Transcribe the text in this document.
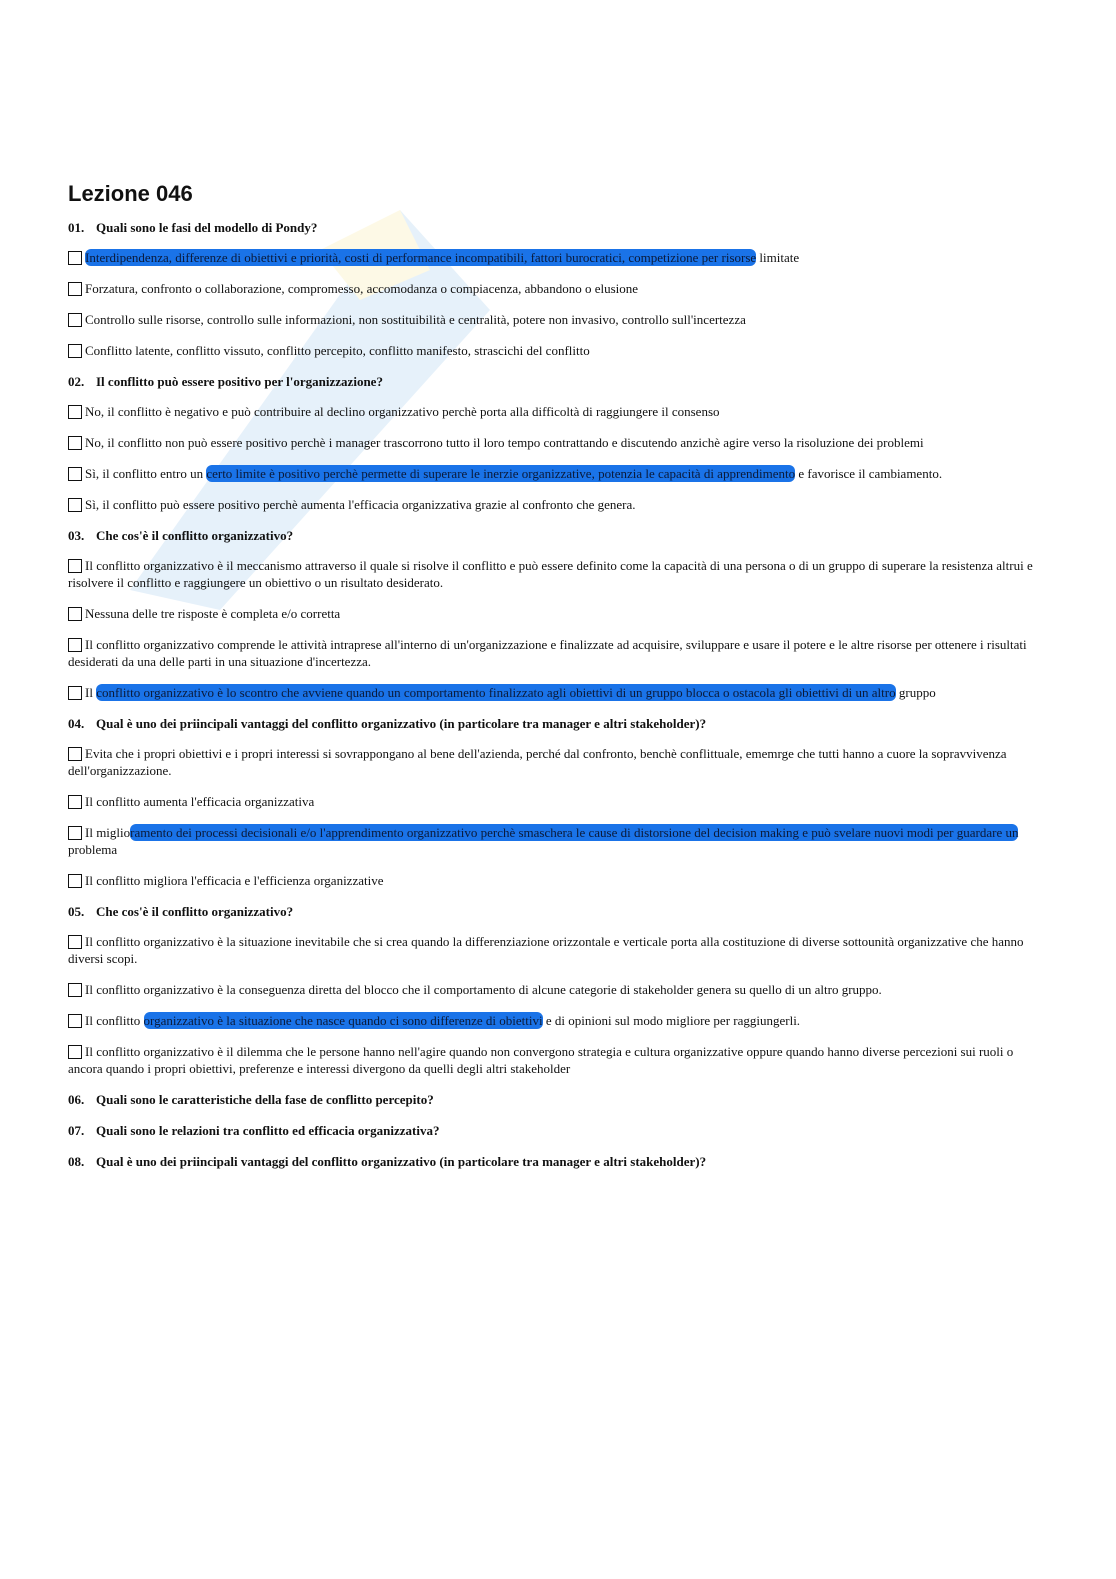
Lezione 046
01. Quali sono le fasi del modello di Pondy?
Interdipendenza, differenze di obiettivi e priorità, costi di performance incompatibili, fattori burocratici, competizione per risorse limitate
Forzatura, confronto o collaborazione, compromesso, accomodanza o compiacenza, abbandono o elusione
Controllo sulle risorse, controllo sulle informazioni, non sostituibilità e centralità, potere non invasivo, controllo sull'incertezza
Conflitto latente, conflitto vissuto, conflitto percepito, conflitto manifesto, strascichi del conflitto
02. Il conflitto può essere positivo per l'organizzazione?
No, il conflitto è negativo e può contribuire al declino organizzativo perchè porta alla difficoltà di raggiungere il consenso
No, il conflitto non può essere positivo perchè i manager trascorrono tutto il loro tempo contrattando e discutendo anzichè agire verso la risoluzione dei problemi
Sì, il conflitto entro un certo limite è positivo perchè permette di superare le inerzie organizzative, potenzia le capacità di apprendimento e favorisce il cambiamento.
Sì, il conflitto può essere positivo perchè aumenta l'efficacia organizzativa grazie al confronto che genera.
03. Che cos'è il conflitto organizzativo?
Il conflitto organizzativo è il meccanismo attraverso il quale si risolve il conflitto e può essere definito come la capacità di una persona o di un gruppo di superare la resistenza altrui e risolvere il conflitto e raggiungere un obiettivo o un risultato desiderato.
Nessuna delle tre risposte è completa e/o corretta
Il conflitto organizzativo comprende le attività intraprese all'interno di un'organizzazione e finalizzate ad acquisire, sviluppare e usare il potere e le altre risorse per ottenere i risultati desiderati da una delle parti in una situazione d'incertezza.
Il conflitto organizzativo è lo scontro che avviene quando un comportamento finalizzato agli obiettivi di un gruppo blocca o ostacola gli obiettivi di un altro gruppo
04. Qual è uno dei priincipali vantaggi del conflitto organizzativo (in particolare tra manager e altri stakeholder)?
Evita che i propri obiettivi e i propri interessi si sovrappongano al bene dell'azienda, perché dal confronto, benchè conflittuale, ememrge che tutti hanno a cuore la sopravvivenza dell'organizzazione.
Il conflitto aumenta l'efficacia organizzativa
Il miglioramento dei processi decisionali e/o l'apprendimento organizzativo perchè smaschera le cause di distorsione del decision making e può svelare nuovi modi per guardare un problema
Il conflitto migliora l'efficacia e l'efficienza organizzative
05. Che cos'è il conflitto organizzativo?
Il conflitto organizzativo è la situazione inevitabile che si crea quando la differenziazione orizzontale e verticale porta alla costituzione di diverse sottounità organizzative che hanno diversi scopi.
Il conflitto organizzativo è la conseguenza diretta del blocco che il comportamento di alcune categorie di stakeholder genera su quello di un altro gruppo.
Il conflitto organizzativo è la situazione che nasce quando ci sono differenze di obiettivi e di opinioni sul modo migliore per raggiungerli.
Il conflitto organizzativo è il dilemma che le persone hanno nell'agire quando non convergono strategia e cultura organizzative oppure quando hanno diverse percezioni sui ruoli o ancora quando i propri obiettivi, preferenze e interessi divergono da quelli degli altri stakeholder
06. Quali sono le caratteristiche della fase de conflitto percepito?
07. Quali sono le relazioni tra conflitto ed efficacia organizzativa?
08. Qual è uno dei priincipali vantaggi del conflitto organizzativo (in particolare tra manager e altri stakeholder)?
